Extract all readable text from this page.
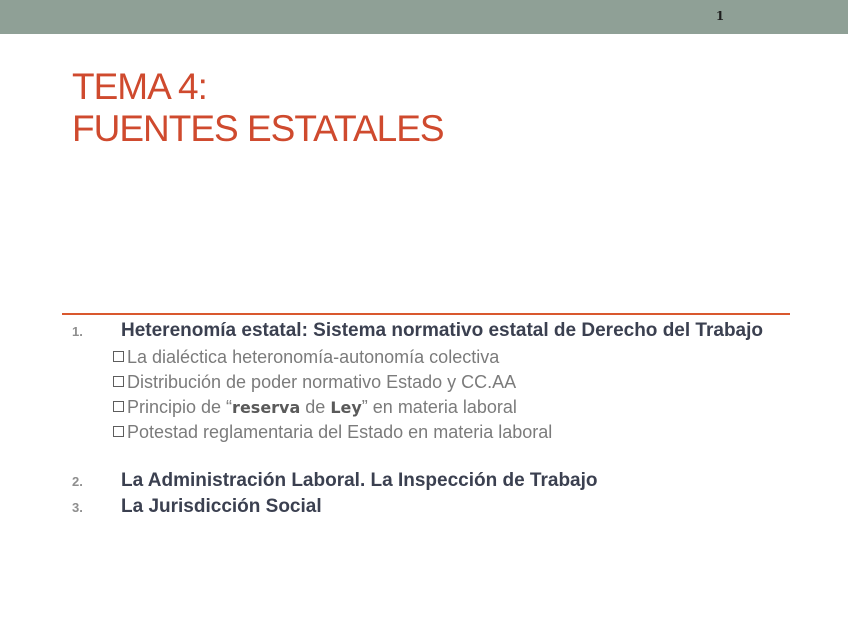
1
TEMA 4:
FUENTES ESTATALES
1. Heterenomía estatal: Sistema normativo estatal de Derecho del Trabajo
La dialéctica heteronomía-autonomía colectiva
Distribución de poder normativo Estado y CC.AA
Principio de “reserva de Ley” en materia laboral
Potestad reglamentaria del Estado en materia laboral
2. La Administración Laboral. La Inspección de Trabajo
3. La Jurisdicción Social
